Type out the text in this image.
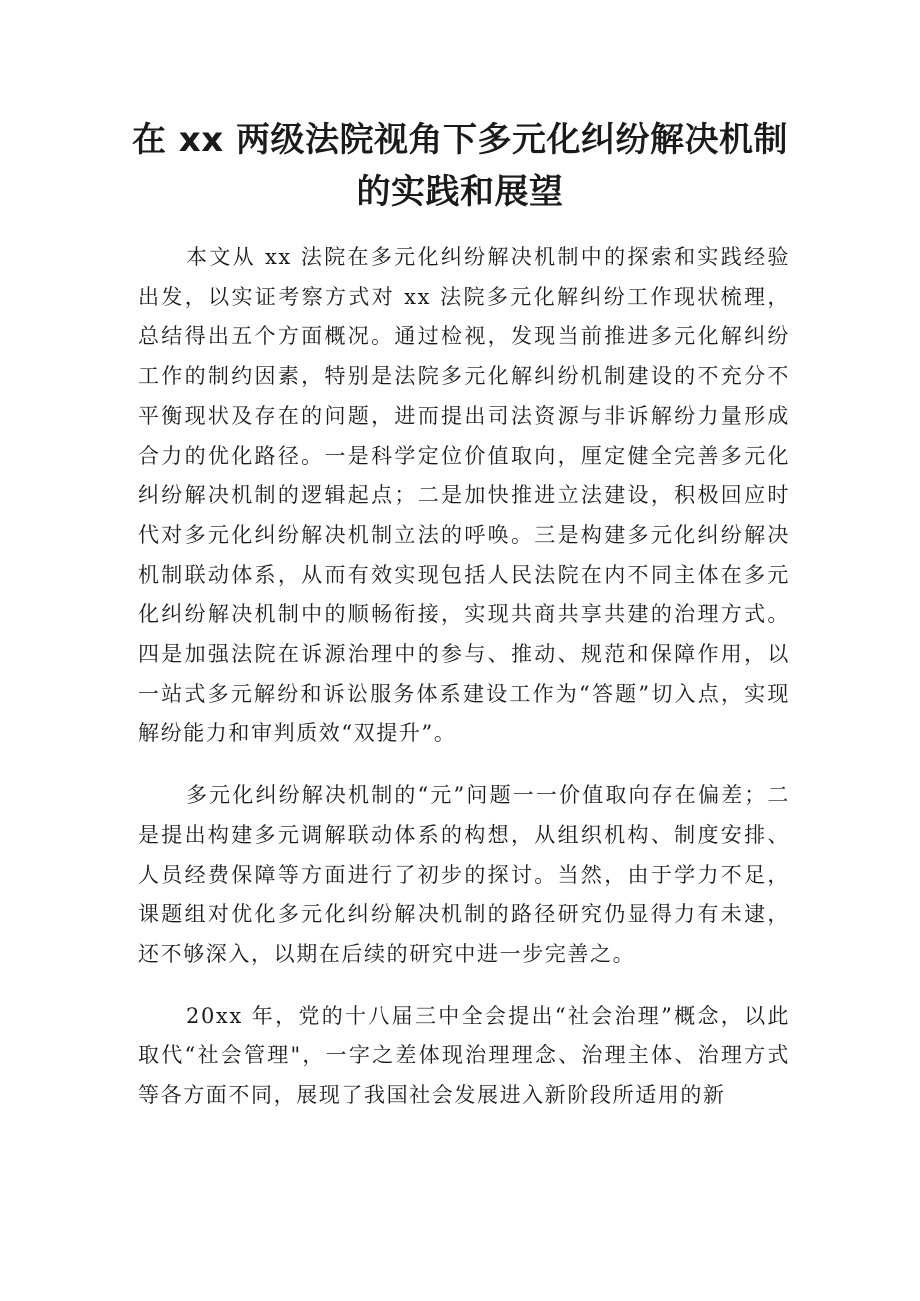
在 xx 两级法院视角下多元化纠纷解决机制
的实践和展望

本文从 xx 法院在多元化纠纷解决机制中的探索和实践经验出发，以实证考察方式对 xx 法院多元化解纠纷工作现状梳理，总结得出五个方面概况。通过检视，发现当前推进多元化解纠纷工作的制约因素，特别是法院多元化解纠纷机制建设的不充分不平衡现状及存在的问题，进而提出司法资源与非诉解纷力量形成合力的优化路径。一是科学定位价值取向，厘定健全完善多元化纠纷解决机制的逻辑起点；二是加快推进立法建设，积极回应时代对多元化纠纷解决机制立法的呼唤。三是构建多元化纠纷解决机制联动体系，从而有效实现包括人民法院在内不同主体在多元化纠纷解决机制中的顺畅衔接，实现共商共享共建的治理方式。四是加强法院在诉源治理中的参与、推动、规范和保障作用，以一站式多元解纷和诉讼服务体系建设工作为“答题”切入点，实现解纷能力和审判质效“双提升”。

多元化纠纷解决机制的“元”问题一一价值取向存在偏差；二是提出构建多元调解联动体系的构想，从组织机构、制度安排、人员经费保障等方面进行了初步的探讨。当然，由于学力不足，课题组对优化多元化纠纷解决机制的路径研究仍显得力有未逮，还不够深入，以期在后续的研究中进一步完善之。

20xx 年，党的十八届三中全会提出“社会治理”概念，以此取代“社会管理"，一字之差体现治理理念、治理主体、治理方式等各方面不同，展现了我国社会发展进入新阶段所适用的新
